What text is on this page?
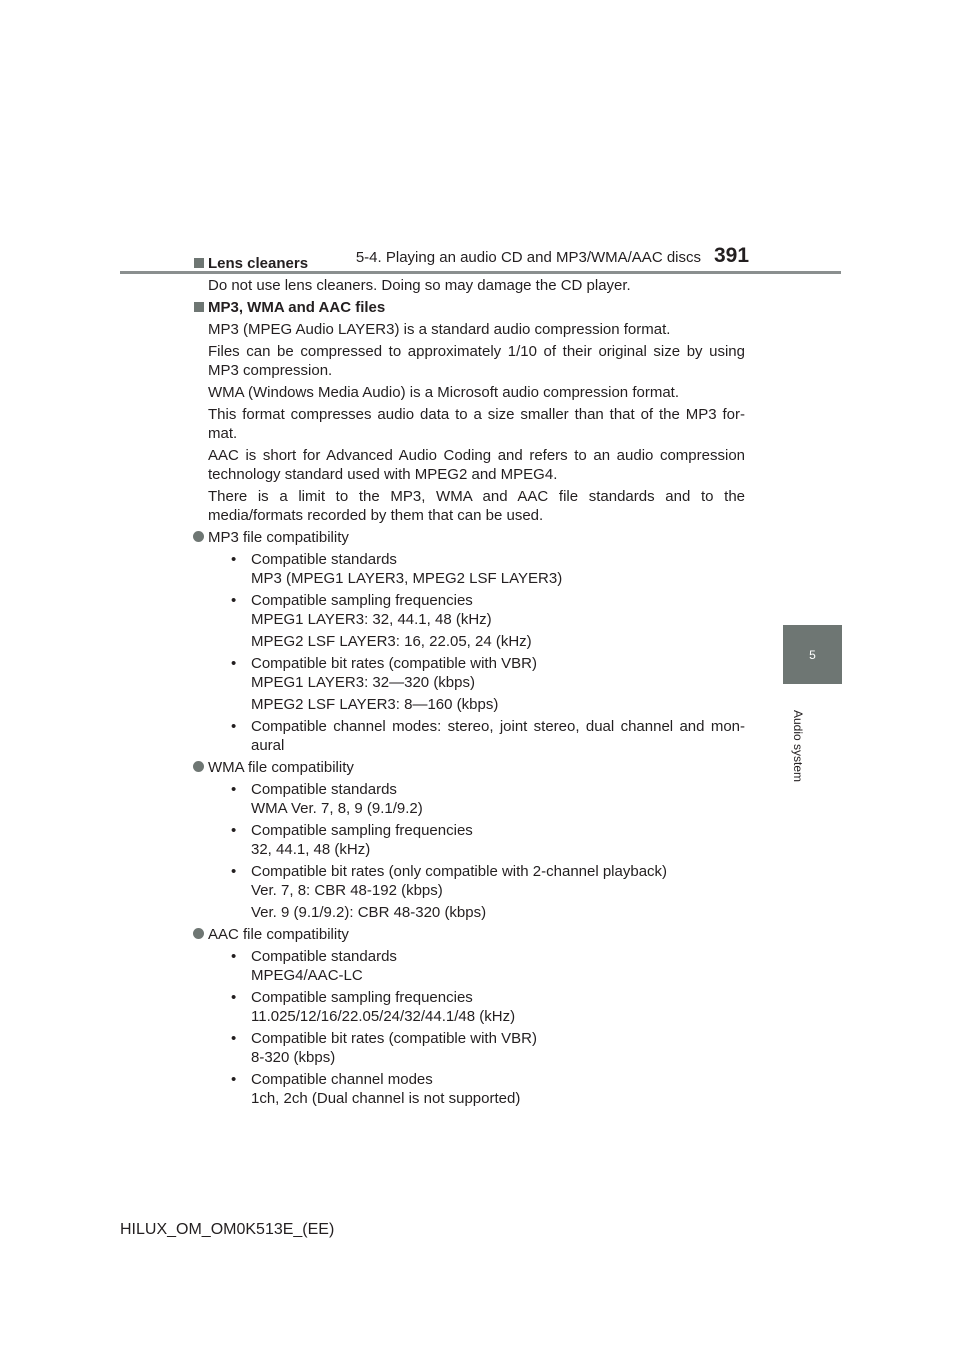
5-4. Playing an audio CD and MP3/WMA/AAC discs 391
5
Audio system
Lens cleaners
Do not use lens cleaners. Doing so may damage the CD player.
MP3, WMA and AAC files
MP3 (MPEG Audio LAYER3) is a standard audio compression format.
Files can be compressed to approximately 1/10 of their original size by using MP3 compression.
WMA (Windows Media Audio) is a Microsoft audio compression format.
This format compresses audio data to a size smaller than that of the MP3 for-mat.
AAC is short for Advanced Audio Coding and refers to an audio compression technology standard used with MPEG2 and MPEG4.
There is a limit to the MP3, WMA and AAC file standards and to the media/formats recorded by them that can be used.
MP3 file compatibility
• Compatible standards
MP3 (MPEG1 LAYER3, MPEG2 LSF LAYER3)
• Compatible sampling frequencies
MPEG1 LAYER3: 32, 44.1, 48 (kHz)
MPEG2 LSF LAYER3: 16, 22.05, 24 (kHz)
• Compatible bit rates (compatible with VBR)
MPEG1 LAYER3: 32—320 (kbps)
MPEG2 LSF LAYER3: 8—160 (kbps)
• Compatible channel modes: stereo, joint stereo, dual channel and mon-aural
WMA file compatibility
• Compatible standards
WMA Ver. 7, 8, 9 (9.1/9.2)
• Compatible sampling frequencies
32, 44.1, 48 (kHz)
• Compatible bit rates (only compatible with 2-channel playback)
Ver. 7, 8: CBR 48-192 (kbps)
Ver. 9 (9.1/9.2): CBR 48-320 (kbps)
AAC file compatibility
• Compatible standards
MPEG4/AAC-LC
• Compatible sampling frequencies
11.025/12/16/22.05/24/32/44.1/48 (kHz)
• Compatible bit rates (compatible with VBR)
8-320 (kbps)
• Compatible channel modes
1ch, 2ch (Dual channel is not supported)
HILUX_OM_OM0K513E_(EE)
